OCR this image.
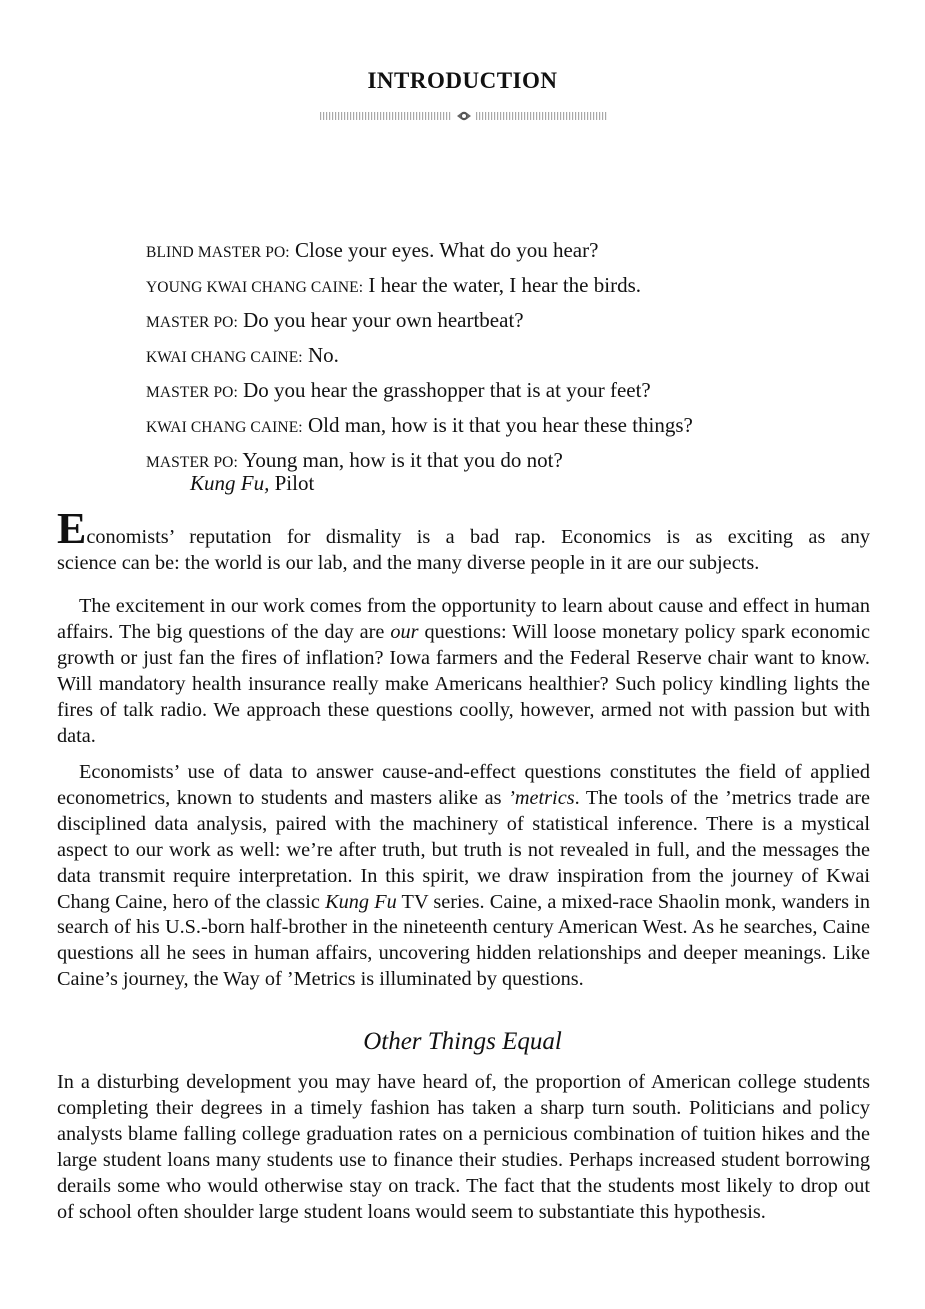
INTRODUCTION
BLIND MASTER PO: Close your eyes. What do you hear?
YOUNG KWAI CHANG CAINE: I hear the water, I hear the birds.
MASTER PO: Do you hear your own heartbeat?
KWAI CHANG CAINE: No.
MASTER PO: Do you hear the grasshopper that is at your feet?
KWAI CHANG CAINE: Old man, how is it that you hear these things?
MASTER PO: Young man, how is it that you do not?
Kung Fu, Pilot

Economists’ reputation for dismality is a bad rap. Economics is as exciting as any
science can be: the world is our lab, and the many diverse people in it are our subjects.

The excitement in our work comes from the opportunity to learn about cause and effect in human affairs. The big questions of the day are our questions: Will loose monetary policy spark economic growth or just fan the fires of inflation? Iowa farmers and the Federal Reserve chair want to know. Will mandatory health insurance really make Americans healthier? Such policy kindling lights the fires of talk radio. We approach these questions coolly, however, armed not with passion but with data.

Economists’ use of data to answer cause-and-effect questions constitutes the field of applied econometrics, known to students and masters alike as ’metrics. The tools of the ’metrics trade are disciplined data analysis, paired with the machinery of statistical inference. There is a mystical aspect to our work as well: we’re after truth, but truth is not revealed in full, and the messages the data transmit require interpretation. In this spirit, we draw inspiration from the journey of Kwai Chang Caine, hero of the classic Kung Fu TV series. Caine, a mixed-race Shaolin monk, wanders in search of his U.S.-born half-brother in the nineteenth century American West. As he searches, Caine questions all he sees in human affairs, uncovering hidden relationships and deeper meanings. Like Caine’s journey, the Way of ’Metrics is illuminated by questions.

Other Things Equal

In a disturbing development you may have heard of, the proportion of American college students completing their degrees in a timely fashion has taken a sharp turn south. Politicians and policy analysts blame falling college graduation rates on a pernicious combination of tuition hikes and the large student loans many students use to finance their studies. Perhaps increased student borrowing derails some who would otherwise stay on track. The fact that the students most likely to drop out of school often shoulder large student loans would seem to substantiate this hypothesis.
